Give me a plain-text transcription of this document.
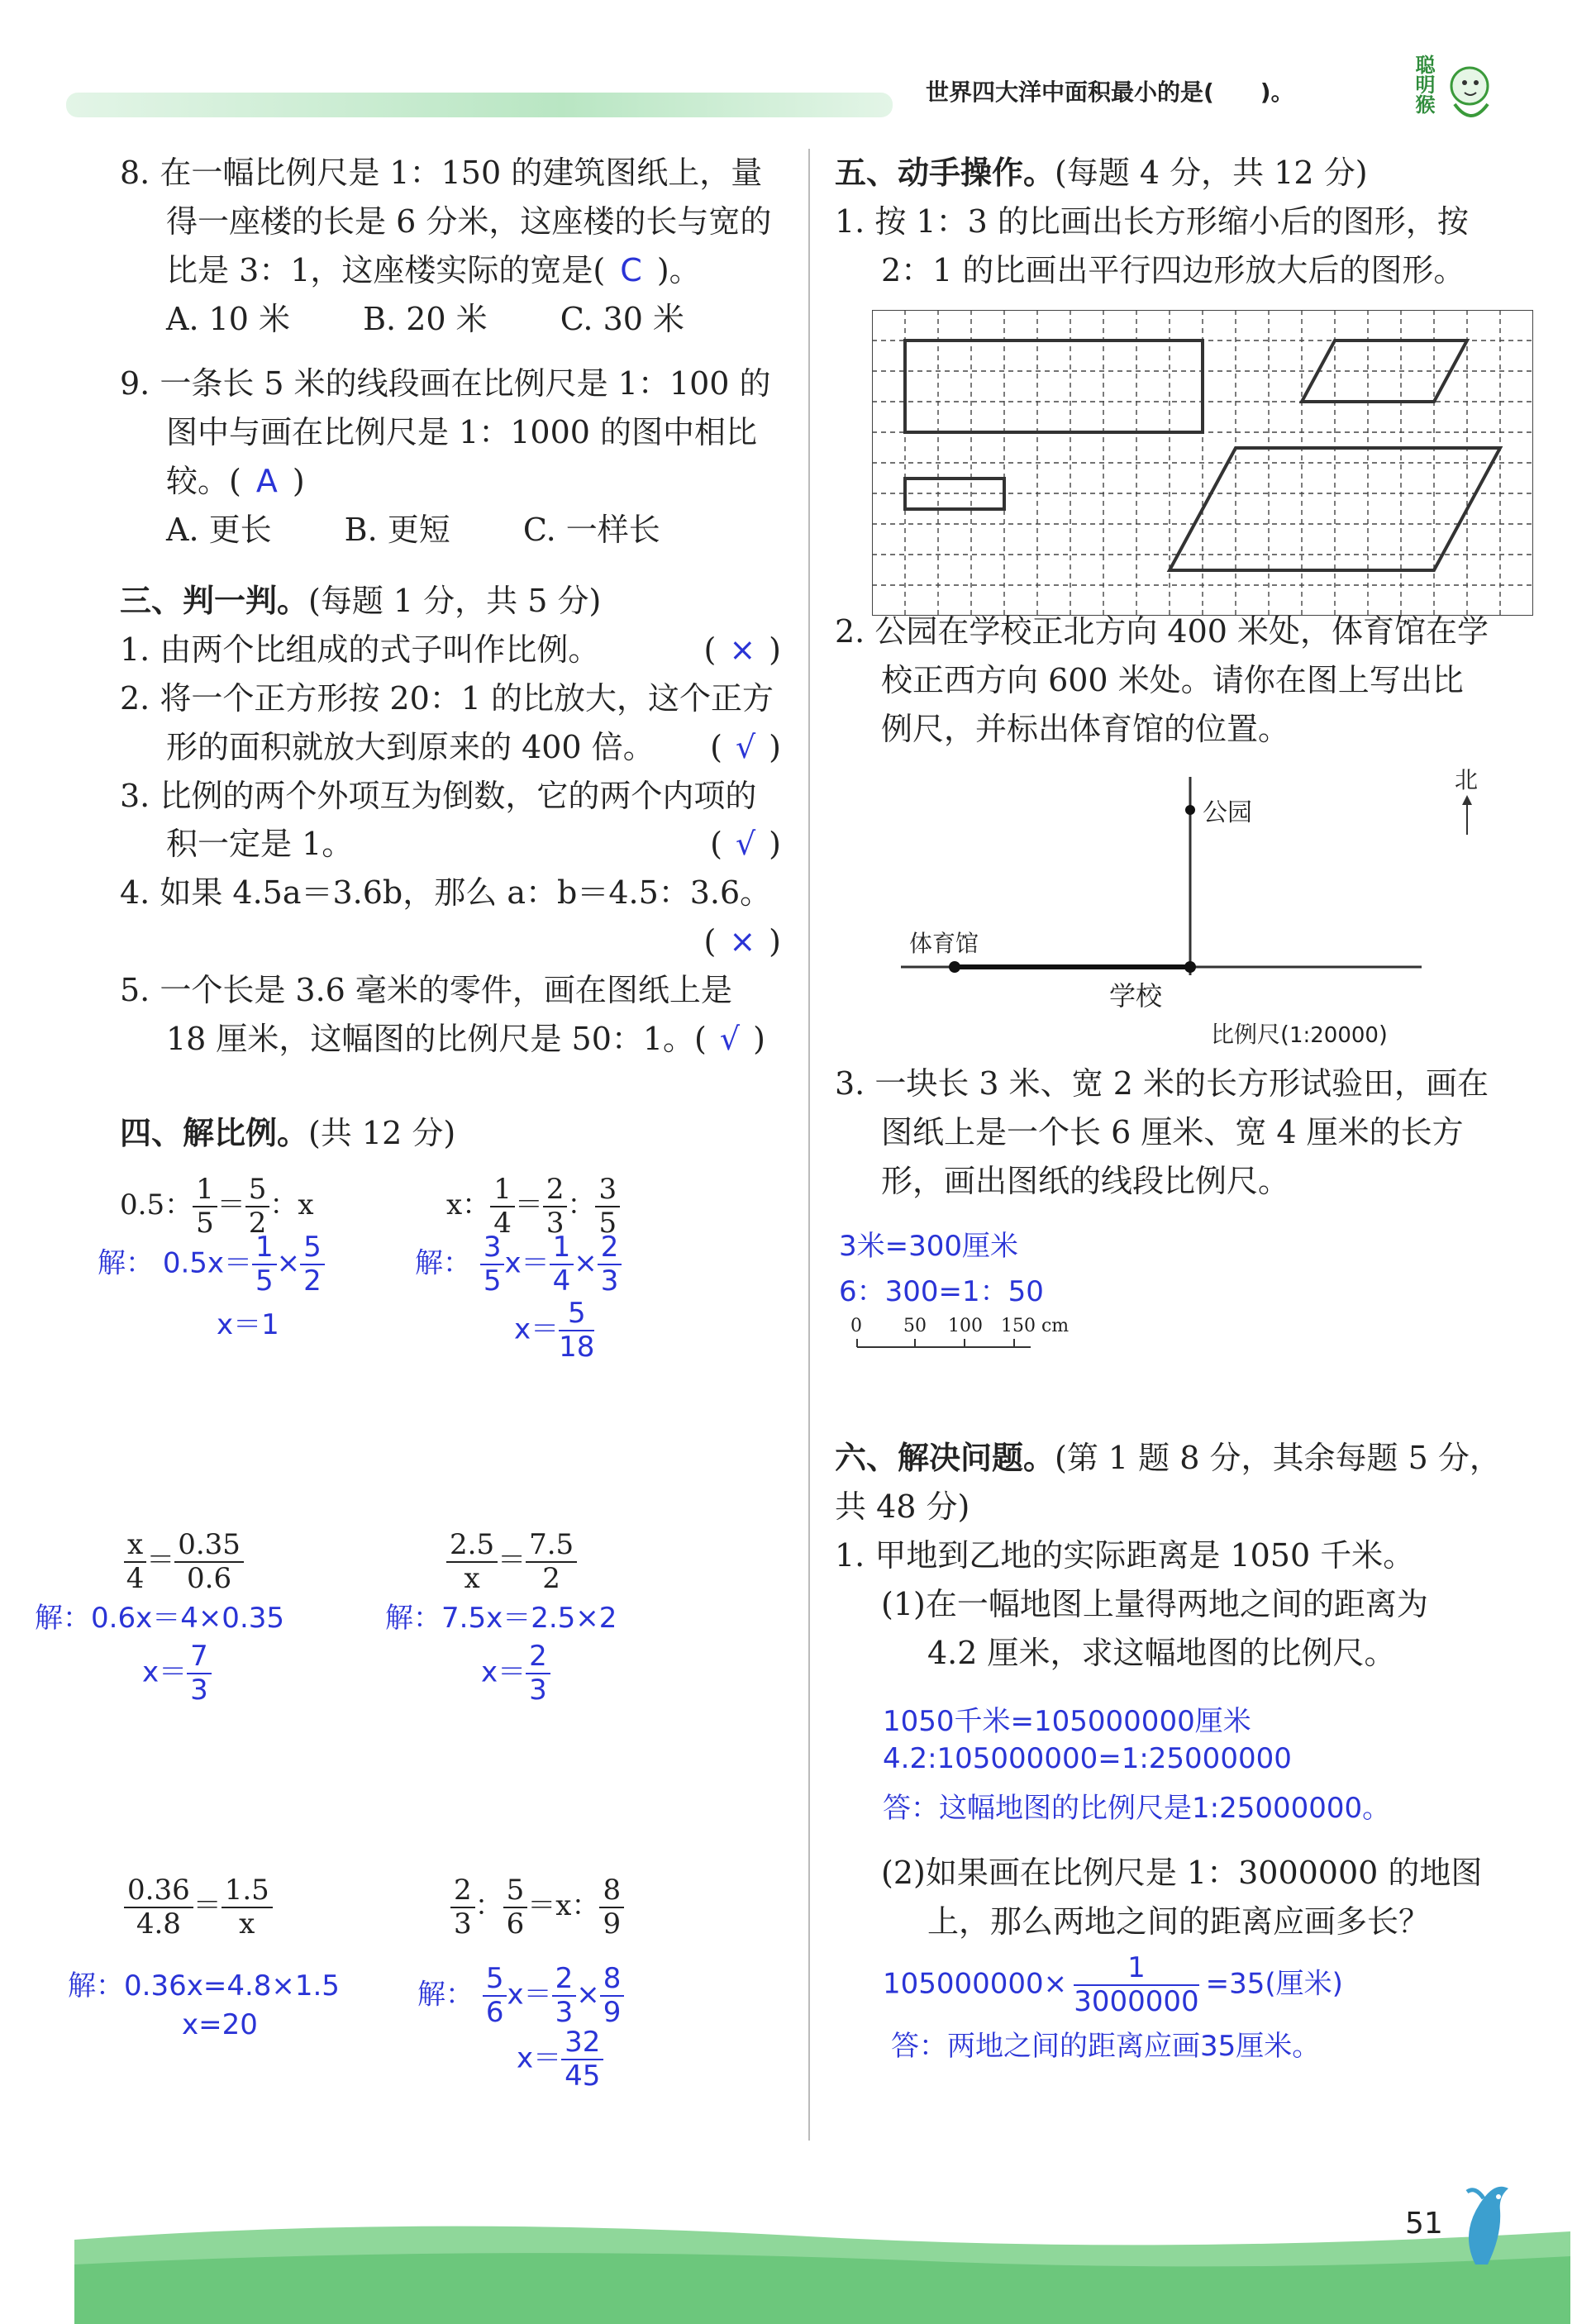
世界四大洋中面积最小的是(　　)。	聪明猴
8. 在一幅比例尺是 1：150 的建筑图纸上，量
得一座楼的长是 6 分米，这座楼的长与宽的
比是 3：1，这座楼实际的宽是( C )。
A. 10 米　　 B. 20 米　　 C. 30 米
9. 一条长 5 米的线段画在比例尺是 1：100 的
图中与画在比例尺是 1：1000 的图中相比
较。( A )
A. 更长　　 B. 更短　　 C. 一样长
三、判一判。(每题 1 分，共 5 分)
1. 由两个比组成的式子叫作比例。	( × )
2. 将一个正方形按 20：1 的比放大，这个正方
形的面积就放大到原来的 400 倍。 ( √ )
3. 比例的两个外项互为倒数，它的两个内项的
积一定是 1。	( √ )
4. 如果 4.5a＝3.6b，那么 a：b＝4.5：3.6。
( × )
5. 一个长是 3.6 毫米的零件，画在图纸上是
18 厘米，这幅图的比例尺是 50：1。( √ )
四、解比例。(共 12 分)
0.5： $\frac{1}{5} = \frac{5}{2}$ ：x
解： $0.5x= \frac{1}{5} \times \frac{5}{2}$
x＝1
x： $\frac{1}{4} = \frac{2}{3}$ ： $\frac{3}{5}$
解： $\frac{3}{5} x= \frac{1}{4} \times \frac{2}{3}$
$x= \frac{5}{18}$
$\frac{x}{4} = \frac{0.35}{0.6}$
解：0.6x＝4×0.35
$x= \frac{7}{3}$
$\frac{2.5}{x} = \frac{7.5}{2}$
解：7.5x＝2.5×2
$x= \frac{2}{3}$
$\frac{0.36}{4.8} = \frac{1.5}{x}$
解：0.36x=4.8×1.5
x=20
$\frac{2}{3}$ ： $\frac{5}{6} =x$： $\frac{8}{9}$
解： $\frac{5}{6} x= \frac{2}{3} \times \frac{8}{9}$
$x= \frac{32}{45}$
五、动手操作。(每题 4 分，共 12 分)
1. 按 1：3 的比画出长方形缩小后的图形，按
2：1 的比画出平行四边形放大后的图形。
2. 公园在学校正北方向 400 米处，体育馆在学
校正西方向 600 米处。请你在图上写出比
例尺，并标出体育馆的位置。
公园
北
体育馆
学校
比例尺(1:20000)
3. 一块长 3 米、宽 2 米的长方形试验田，画在
图纸上是一个长 6 厘米、宽 4 厘米的长方
形，画出图纸的线段比例尺。
3米=300厘米
6：300=1：50
0 50 100 150 cm
六、解决问题。(第 1 题 8 分，其余每题 5 分，
共 48 分)
1. 甲地到乙地的实际距离是 1050 千米。
(1)在一幅地图上量得两地之间的距离为
4.2 厘米，求这幅地图的比例尺。
1050千米=105000000厘米
4.2:105000000=1:25000000
答：这幅地图的比例尺是1:25000000。
(2)如果画在比例尺是 1：3000000 的地图
上，那么两地之间的距离应画多长？
$105000000\times \frac{1}{3000000} =35$(厘米)
答：两地之间的距离应画35厘米。
51
